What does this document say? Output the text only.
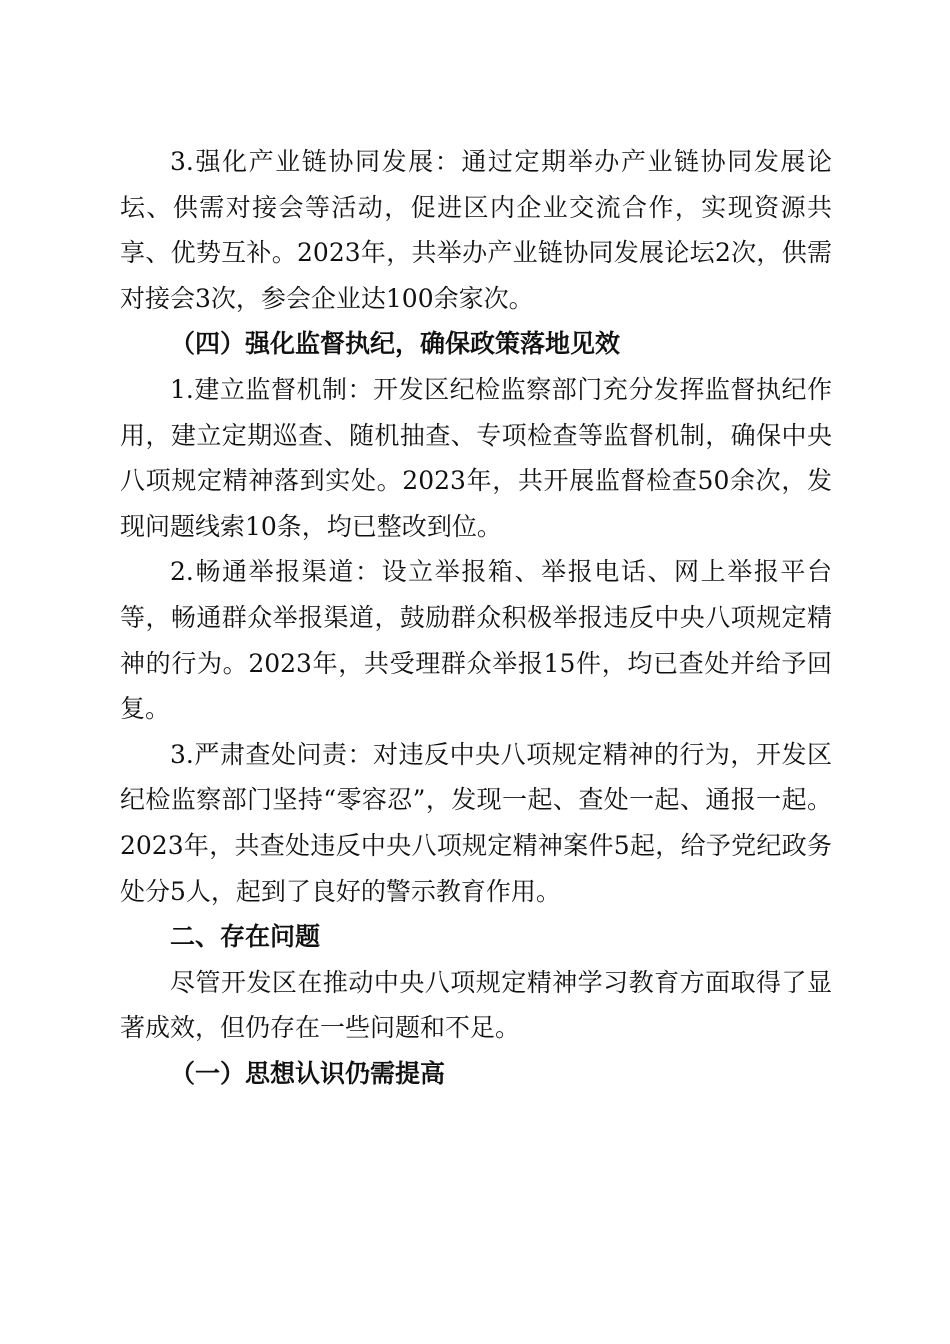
3.强化产业链协同发展：通过定期举办产业链协同发展论坛、供需对接会等活动，促进区内企业交流合作，实现资源共享、优势互补。2023年，共举办产业链协同发展论坛2次，供需对接会3次，参会企业达100余家次。

（四）强化监督执纪，确保政策落地见效

1.建立监督机制：开发区纪检监察部门充分发挥监督执纪作用，建立定期巡查、随机抽查、专项检查等监督机制，确保中央八项规定精神落到实处。2023年，共开展监督检查50余次，发现问题线索10条，均已整改到位。

2.畅通举报渠道：设立举报箱、举报电话、网上举报平台等，畅通群众举报渠道，鼓励群众积极举报违反中央八项规定精神的行为。2023年，共受理群众举报15件，均已查处并给予回复。

3.严肃查处问责：对违反中央八项规定精神的行为，开发区纪检监察部门坚持“零容忍”，发现一起、查处一起、通报一起。2023年，共查处违反中央八项规定精神案件5起，给予党纪政务处分5人，起到了良好的警示教育作用。

二、存在问题

尽管开发区在推动中央八项规定精神学习教育方面取得了显著成效，但仍存在一些问题和不足。

（一）思想认识仍需提高
